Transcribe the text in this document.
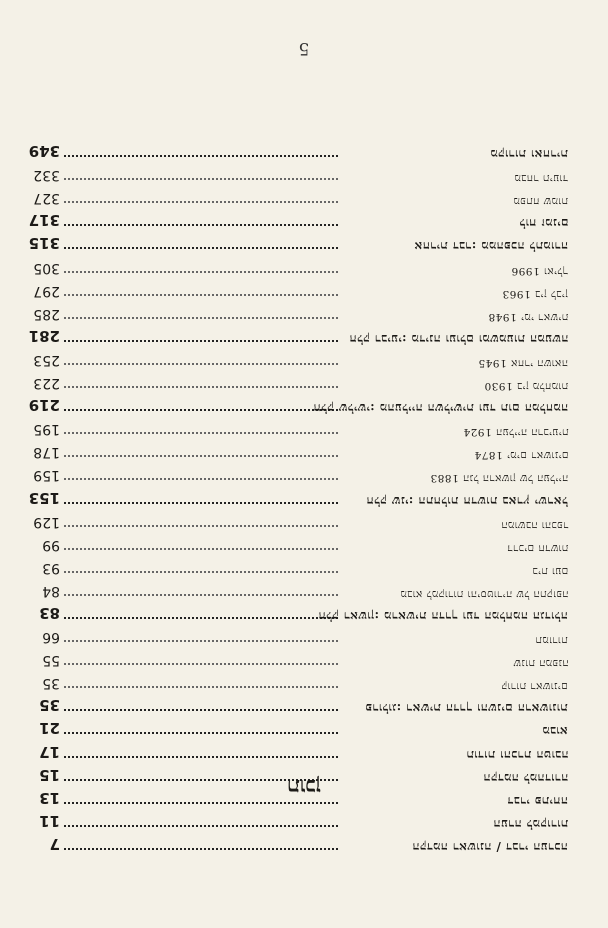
5
349	מקורות ואחרית
332	מבחר תיעוד
327	מפתח שמות
317	לוח זמנים
315	אחרית דבר: ממהפכה לתמורה
305	1996 ואילך
297	1963 בין לבין
285	1948 ימי ראשית
281	חלק רביעי: מדינה ועולם ומשמעות המעשה
253	1945 אחרי השואה
223	1930 בין מלחמות
219	חלק שלישי: מהעלייה השלישית ועד תום המלחמה
195	1924 העלייה הרביעית
178	1874 ימים ראשונים
159	1883 הגל הראשון של העלייה
153	חלק שני: התחלות חדשות בארץ ישראל
129	המושבה והכפר
99	דרכים חדשות
93	בית ועם
84	מבוא למקורות והיסטוריה של התקופה
83	חלק ראשון: מראשית הדרך ועד המלחמה הגדולה
66	תמורות
55	שנות המפנה
35	קורות ראשונים
35	פרולוג: ראשית הדרך והשנים הראשונות
21	מבוא
17	תודות והכרת הטובה
15	הקדמה למהדורה
13	דברי פתיחה
11	הערה למקורות
7	הקדמה ראשונה / דברי הערכה
תוכן
